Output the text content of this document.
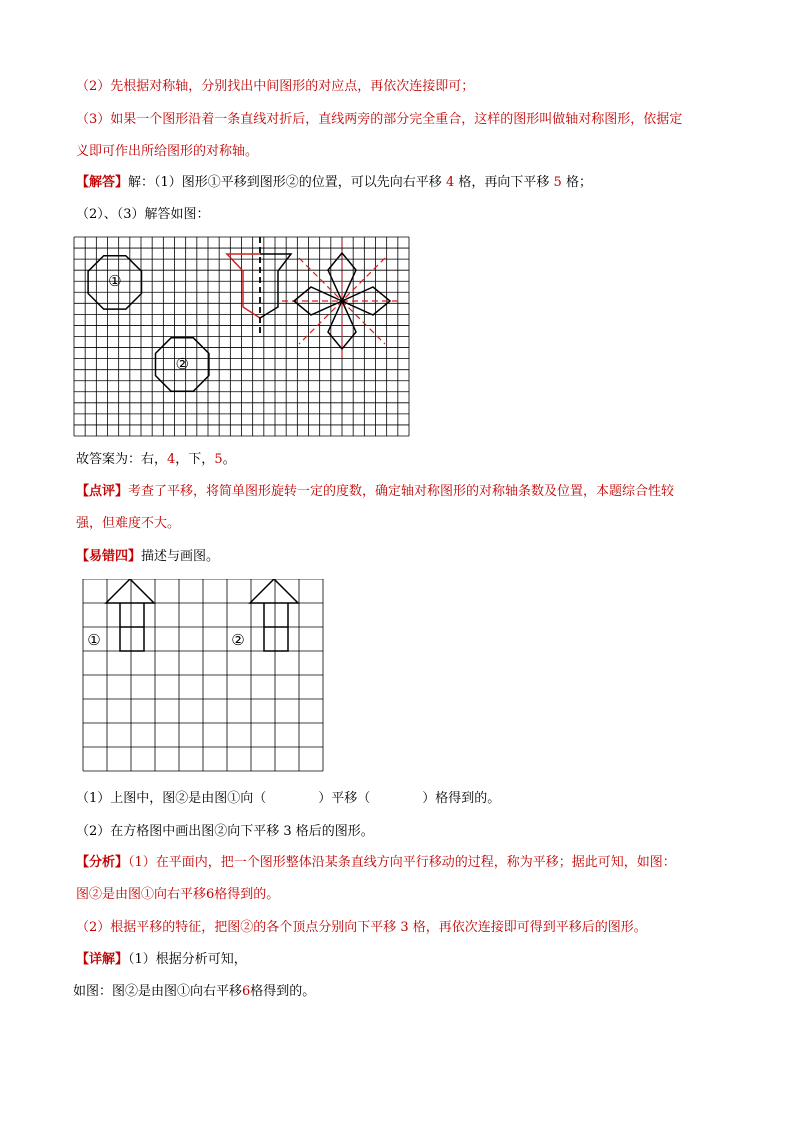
（2）先根据对称轴，分别找出中间图形的对应点，再依次连接即可；
（3）如果一个图形沿着一条直线对折后，直线两旁的部分完全重合，这样的图形叫做轴对称图形，依据定
义即可作出所给图形的对称轴。
【解答】解：（1）图形①平移到图形②的位置，可以先向右平移 4 格，再向下平移 5 格；
（2）、（3）解答如图：
①
②
故答案为：右，4，下，5。
【点评】考查了平移，将简单图形旋转一定的度数，确定轴对称图形的对称轴条数及位置，本题综合性较
强，但难度不大。
【易错四】描述与画图。
①	②
（1）上图中，图②是由图①向（	）平移（	）格得到的。
（2）在方格图中画出图②向下平移 3 格后的图形。
【分析】（1）在平面内，把一个图形整体沿某条直线方向平行移动的过程，称为平移；据此可知，如图：
图②是由图①向右平移6格得到的。
（2）根据平移的特征，把图②的各个顶点分别向下平移 3 格，再依次连接即可得到平移后的图形。
【详解】（1）根据分析可知，
如图：图②是由图①向右平移6格得到的。
